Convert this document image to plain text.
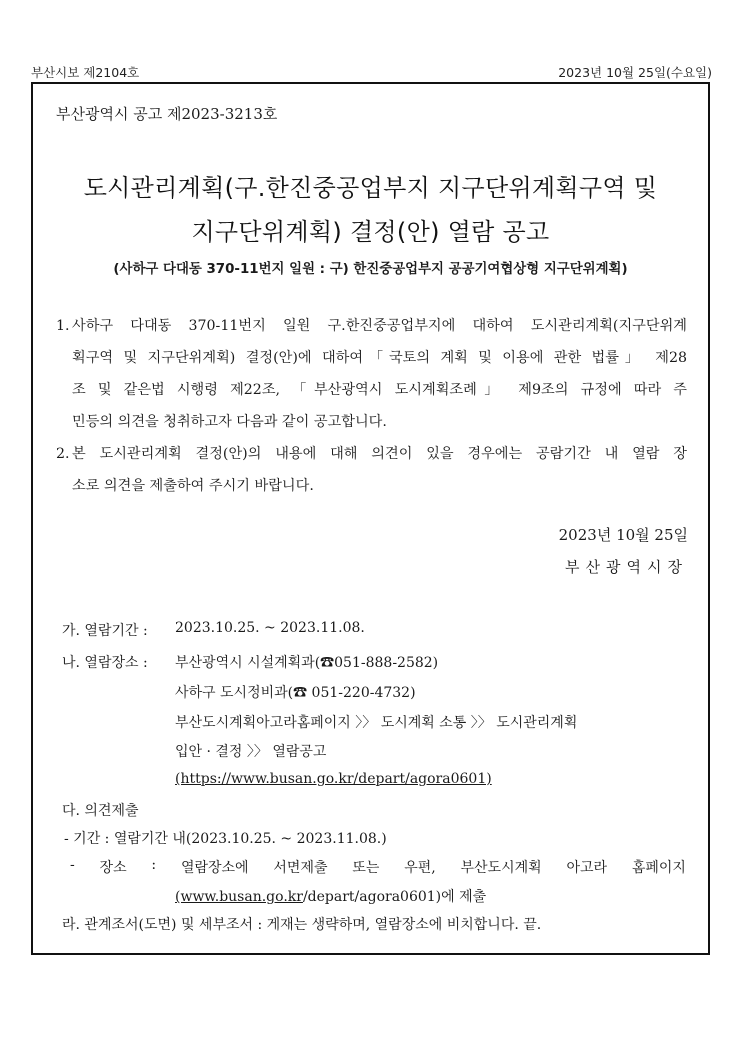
부산시보 제2104호	2023년 10월 25일(수요일)
부산광역시 공고 제2023-3213호
도시관리계획(구.한진중공업부지 지구단위계획구역 및
지구단위계획) 결정(안) 열람 공고
(사하구 다대동 370-11번지 일원 : 구) 한진중공업부지 공공기여협상형 지구단위계획)
1. 사하구 다대동 370-11번지 일원 구.한진중공업부지에 대하여 도시관리계획(지구단위계
획구역 및 지구단위계획) 결정(안)에 대하여「국토의 계획 및 이용에 관한 법률」 제28
조 및 같은법 시행령 제22조, 「부산광역시 도시계획조례」 제9조의 규정에 따라 주
민등의 의견을 청취하고자 다음과 같이 공고합니다.
2. 본 도시관리계획 결정(안)의 내용에 대해 의견이 있을 경우에는 공람기간 내 열람 장
소로 의견을 제출하여 주시기 바랍니다.
2023년 10월 25일
부산광역시장
가. 열람기간 : 2023.10.25. ~ 2023.11.08.
나. 열람장소 : 부산광역시 시설계획과(☎051-888-2582)
사하구 도시정비과(☎ 051-220-4732)
부산도시계획아고라홈페이지 〉〉 도시계획 소통 〉〉 도시관리계획
입안 · 결정 〉〉 열람공고
(https://www.busan.go.kr/depart/agora0601)
다. 의견제출
- 기간 : 열람기간 내(2023.10.25. ~ 2023.11.08.)
- 장소 : 열람장소에 서면제출 또는 우편, 부산도시계획 아고라 홈페이지
(www.busan.go.kr/depart/agora0601)에 제출
라. 관계조서(도면) 및 세부조서 : 게재는 생략하며, 열람장소에 비치합니다. 끝.
